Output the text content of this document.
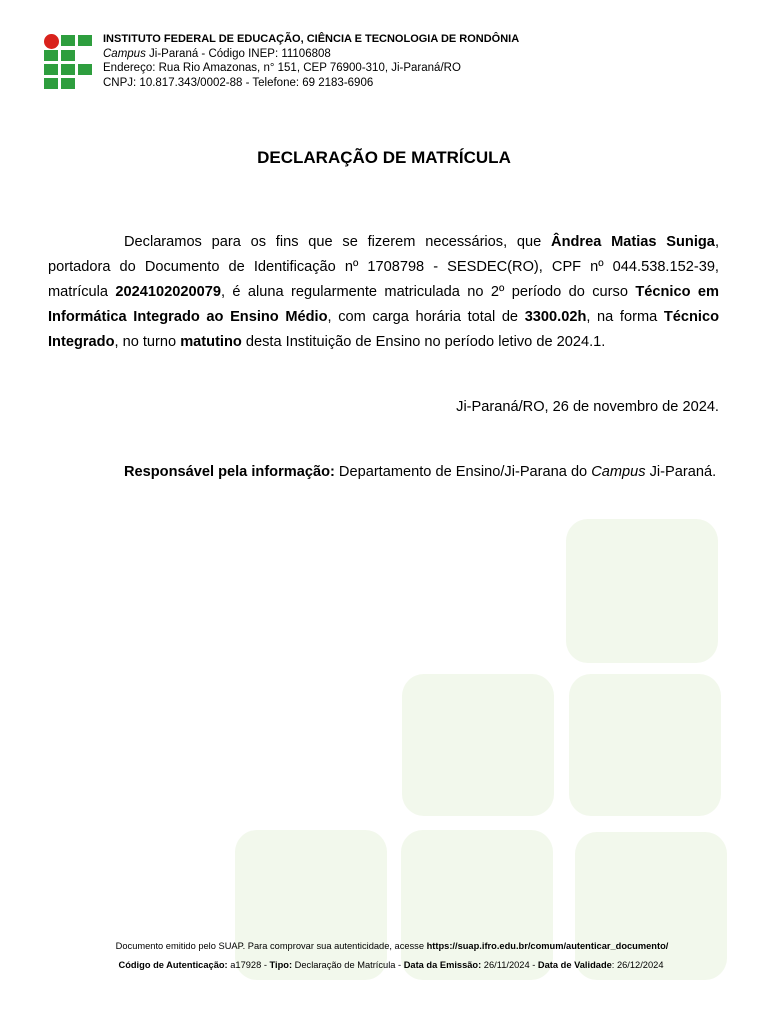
INSTITUTO FEDERAL DE EDUCAÇÃO, CIÊNCIA E TECNOLOGIA DE RONDÔNIA
Campus Ji-Paraná - Código INEP: 11106808
Endereço: Rua Rio Amazonas, n° 151, CEP 76900-310, Ji-Paraná/RO
CNPJ: 10.817.343/0002-88 - Telefone: 69 2183-6906
DECLARAÇÃO DE MATRÍCULA

Declaramos para os fins que se fizerem necessários, que Ândrea Matias Suniga, portadora do Documento de Identificação nº 1708798 - SESDEC(RO), CPF nº 044.538.152-39, matrícula 2024102020079, é aluna regularmente matriculada no 2º período do curso Técnico em Informática Integrado ao Ensino Médio, com carga horária total de 3300.02h, na forma Técnico Integrado, no turno matutino desta Instituição de Ensino no período letivo de 2024.1.

Ji-Paraná/RO, 26 de novembro de 2024.

Responsável pela informação: Departamento de Ensino/Ji-Parana do Campus Ji-Paraná.

Documento emitido pelo SUAP. Para comprovar sua autenticidade, acesse https://suap.ifro.edu.br/comum/autenticar_documento/
Código de Autenticação: a17928 - Tipo: Declaração de Matrícula - Data da Emissão: 26/11/2024 - Data de Validade: 26/12/2024
